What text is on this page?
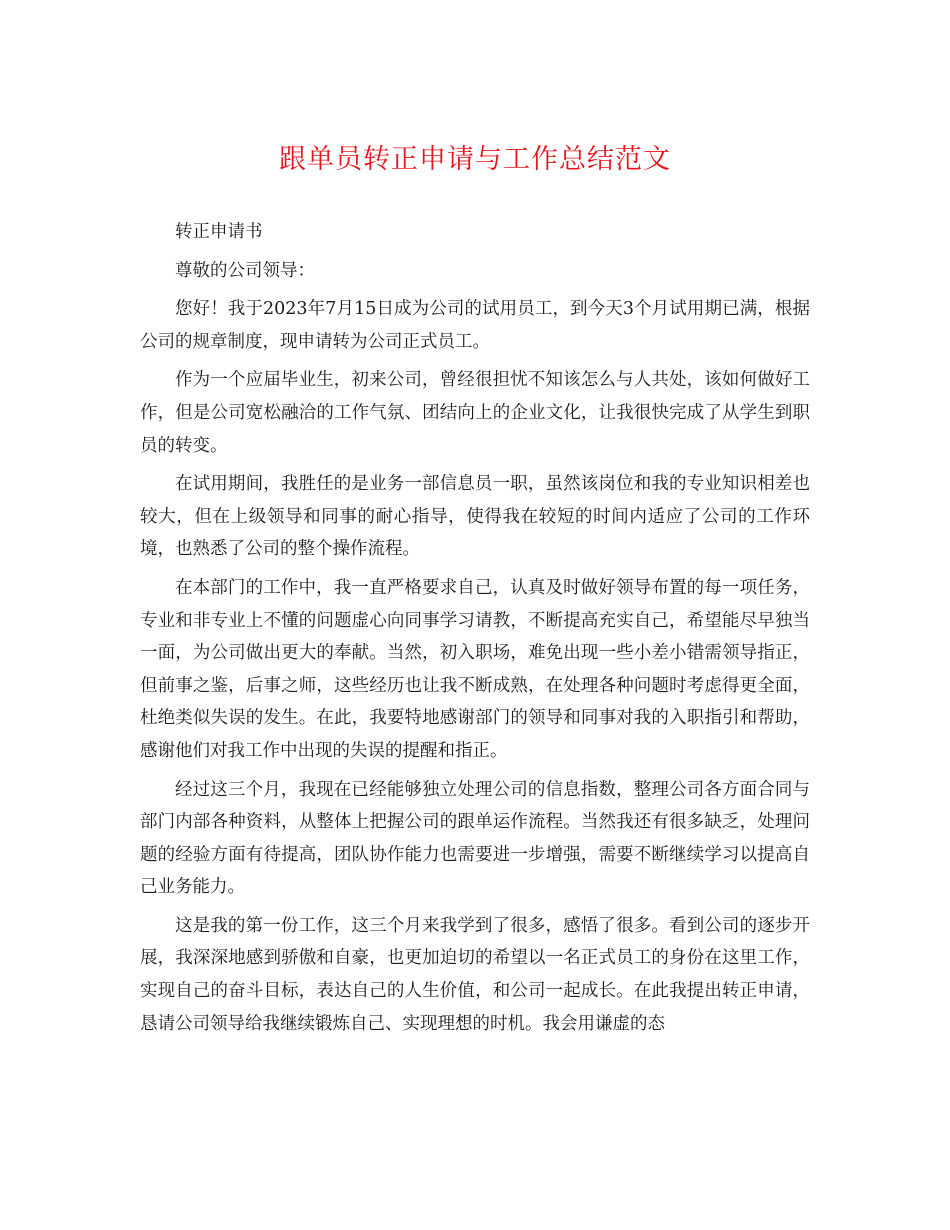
跟单员转正申请与工作总结范文

转正申请书

尊敬的公司领导：

您好！我于2023年7月15日成为公司的试用员工，到今天3个月试用期已满，根据公司的规章制度，现申请转为公司正式员工。

作为一个应届毕业生，初来公司，曾经很担忧不知该怎么与人共处，该如何做好工作，但是公司宽松融洽的工作气氛、团结向上的企业文化，让我很快完成了从学生到职员的转变。

在试用期间，我胜任的是业务一部信息员一职，虽然该岗位和我的专业知识相差也较大，但在上级领导和同事的耐心指导，使得我在较短的时间内适应了公司的工作环境，也熟悉了公司的整个操作流程。

在本部门的工作中，我一直严格要求自己，认真及时做好领导布置的每一项任务，专业和非专业上不懂的问题虚心向同事学习请教，不断提高充实自己，希望能尽早独当一面，为公司做出更大的奉献。当然，初入职场，难免出现一些小差小错需领导指正，但前事之鉴，后事之师，这些经历也让我不断成熟，在处理各种问题时考虑得更全面，杜绝类似失误的发生。在此，我要特地感谢部门的领导和同事对我的入职指引和帮助，感谢他们对我工作中出现的失误的提醒和指正。

经过这三个月，我现在已经能够独立处理公司的信息指数，整理公司各方面合同与部门内部各种资料，从整体上把握公司的跟单运作流程。当然我还有很多缺乏，处理问题的经验方面有待提高，团队协作能力也需要进一步增强，需要不断继续学习以提高自己业务能力。

这是我的第一份工作，这三个月来我学到了很多，感悟了很多。看到公司的逐步开展，我深深地感到骄傲和自豪，也更加迫切的希望以一名正式员工的身份在这里工作，实现自己的奋斗目标，表达自己的人生价值，和公司一起成长。在此我提出转正申请，恳请公司领导给我继续锻炼自己、实现理想的时机。我会用谦虚的态
